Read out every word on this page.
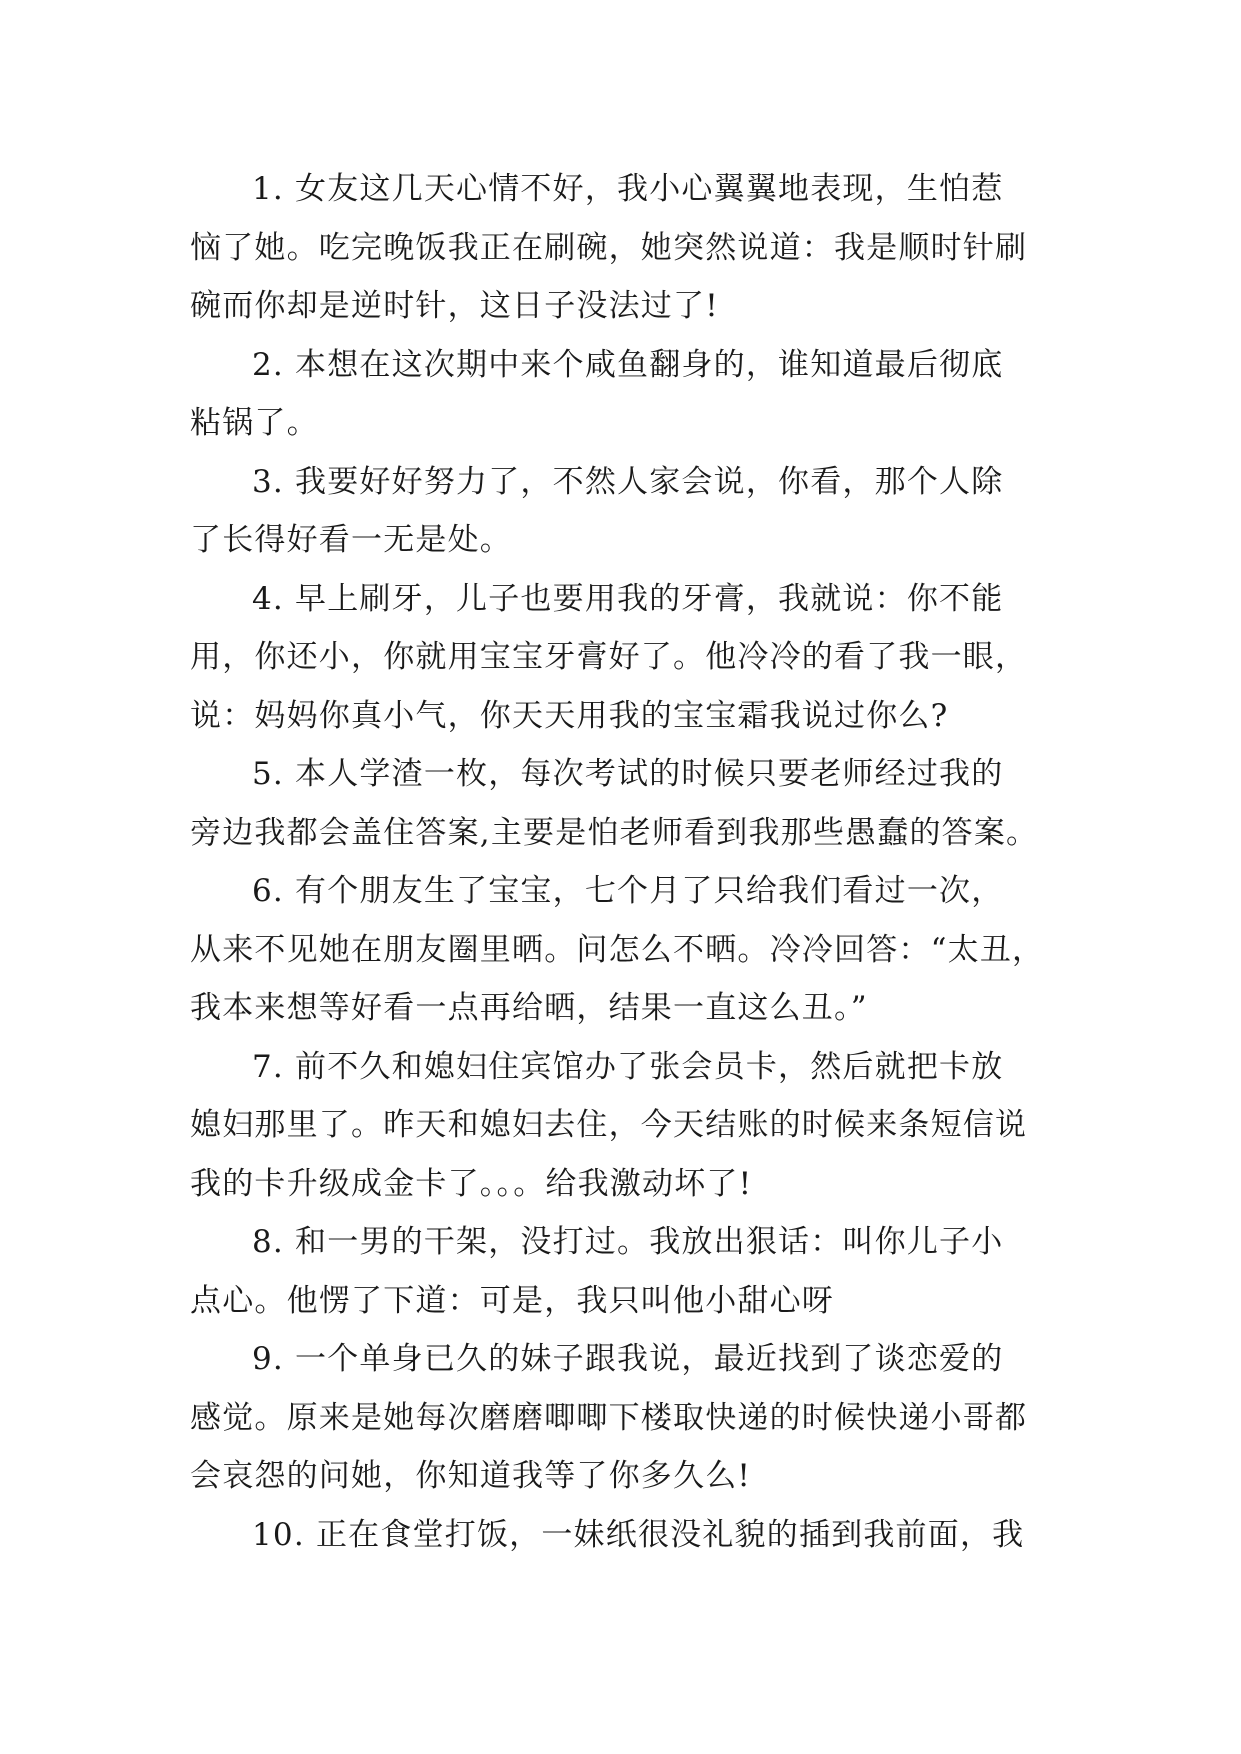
1. 女友这几天心情不好，我小心翼翼地表现，生怕惹
恼了她。吃完晚饭我正在刷碗，她突然说道：我是顺时针刷
碗而你却是逆时针，这日子没法过了!
2. 本想在这次期中来个咸鱼翻身的，谁知道最后彻底
粘锅了。
3. 我要好好努力了，不然人家会说，你看，那个人除
了长得好看一无是处。
4. 早上刷牙，儿子也要用我的牙膏，我就说：你不能
用，你还小，你就用宝宝牙膏好了。他冷冷的看了我一眼，
说：妈妈你真小气，你天天用我的宝宝霜我说过你么?
5. 本人学渣一枚，每次考试的时候只要老师经过我的
旁边我都会盖住答案,主要是怕老师看到我那些愚蠢的答案。
6. 有个朋友生了宝宝，七个月了只给我们看过一次，
从来不见她在朋友圈里晒。问怎么不晒。冷冷回答：“太丑，
我本来想等好看一点再给晒，结果一直这么丑。”
7. 前不久和媳妇住宾馆办了张会员卡，然后就把卡放
媳妇那里了。昨天和媳妇去住，今天结账的时候来条短信说
我的卡升级成金卡了。。。给我激动坏了!
8. 和一男的干架，没打过。我放出狠话：叫你儿子小
点心。他愣了下道：可是，我只叫他小甜心呀
9. 一个单身已久的妹子跟我说，最近找到了谈恋爱的
感觉。原来是她每次磨磨唧唧下楼取快递的时候快递小哥都
会哀怨的问她，你知道我等了你多久么!
10. 正在食堂打饭，一妹纸很没礼貌的插到我前面，我
